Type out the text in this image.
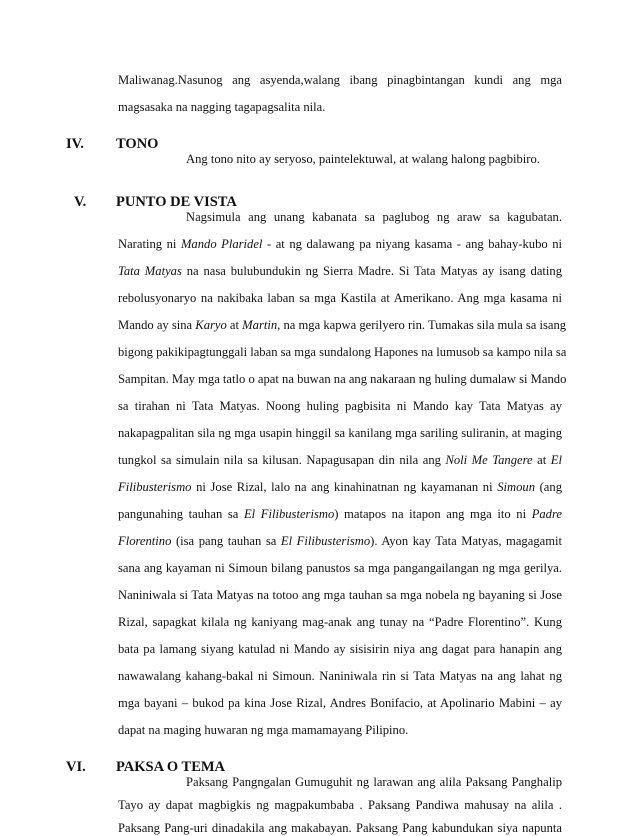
Maliwanag.Nasunog ang asyenda,walang ibang pinagbintangan kundi ang mga
magsasaka na nagging tagapagsalita nila.
IV. TONO
Ang tono nito ay seryoso, paintelektuwal, at walang halong pagbibiro.
V. PUNTO DE VISTA
Nagsimula ang unang kabanata sa paglubog ng araw sa kagubatan.
Narating ni Mando Plaridel - at ng dalawang pa niyang kasama - ang bahay-kubo ni
Tata Matyas na nasa bulubundukin ng Sierra Madre. Si Tata Matyas ay isang dating
rebolusyonaryo na nakibaka laban sa mga Kastila at Amerikano. Ang mga kasama ni
Mando ay sina Karyo at Martin, na mga kapwa gerilyero rin. Tumakas sila mula sa isang
bigong pakikipagtunggali laban sa mga sundalong Hapones na lumusob sa kampo nila sa
Sampitan. May mga tatlo o apat na buwan na ang nakaraan ng huling dumalaw si Mando
sa tirahan ni Tata Matyas. Noong huling pagbisita ni Mando kay Tata Matyas ay
nakapagpalitan sila ng mga usapin hinggil sa kanilang mga sariling suliranin, at maging
tungkol sa simulain nila sa kilusan. Napagusapan din nila ang Noli Me Tangere at El
Filibusterismo ni Jose Rizal, lalo na ang kinahinatnan ng kayamanan ni Simoun (ang
pangunahing tauhan sa El Filibusterismo) matapos na itapon ang mga ito ni Padre
Florentino (isa pang tauhan sa El Filibusterismo). Ayon kay Tata Matyas, magagamit
sana ang kayaman ni Simoun bilang panustos sa mga pangangailangan ng mga gerilya.
Naniniwala si Tata Matyas na totoo ang mga tauhan sa mga nobela ng bayaning si Jose
Rizal, sapagkat kilala ng kaniyang mag-anak ang tunay na “Padre Florentino”. Kung
bata pa lamang siyang katulad ni Mando ay sisisirin niya ang dagat para hanapin ang
nawawalang kahang-bakal ni Simoun. Naniniwala rin si Tata Matyas na ang lahat ng
mga bayani – bukod pa kina Jose Rizal, Andres Bonifacio, at Apolinario Mabini – ay
dapat na maging huwaran ng mga mamamayang Pilipino.
VI. PAKSA O TEMA
Paksang Pangngalan Gumuguhit ng larawan ang alila Paksang Panghalip
Tayo ay dapat magbigkis ng magpakumbaba . Paksang Pandiwa mahusay na alila .
Paksang Pang-uri dinadakila ang makabayan. Paksang Pang kabundukan siya napunta
